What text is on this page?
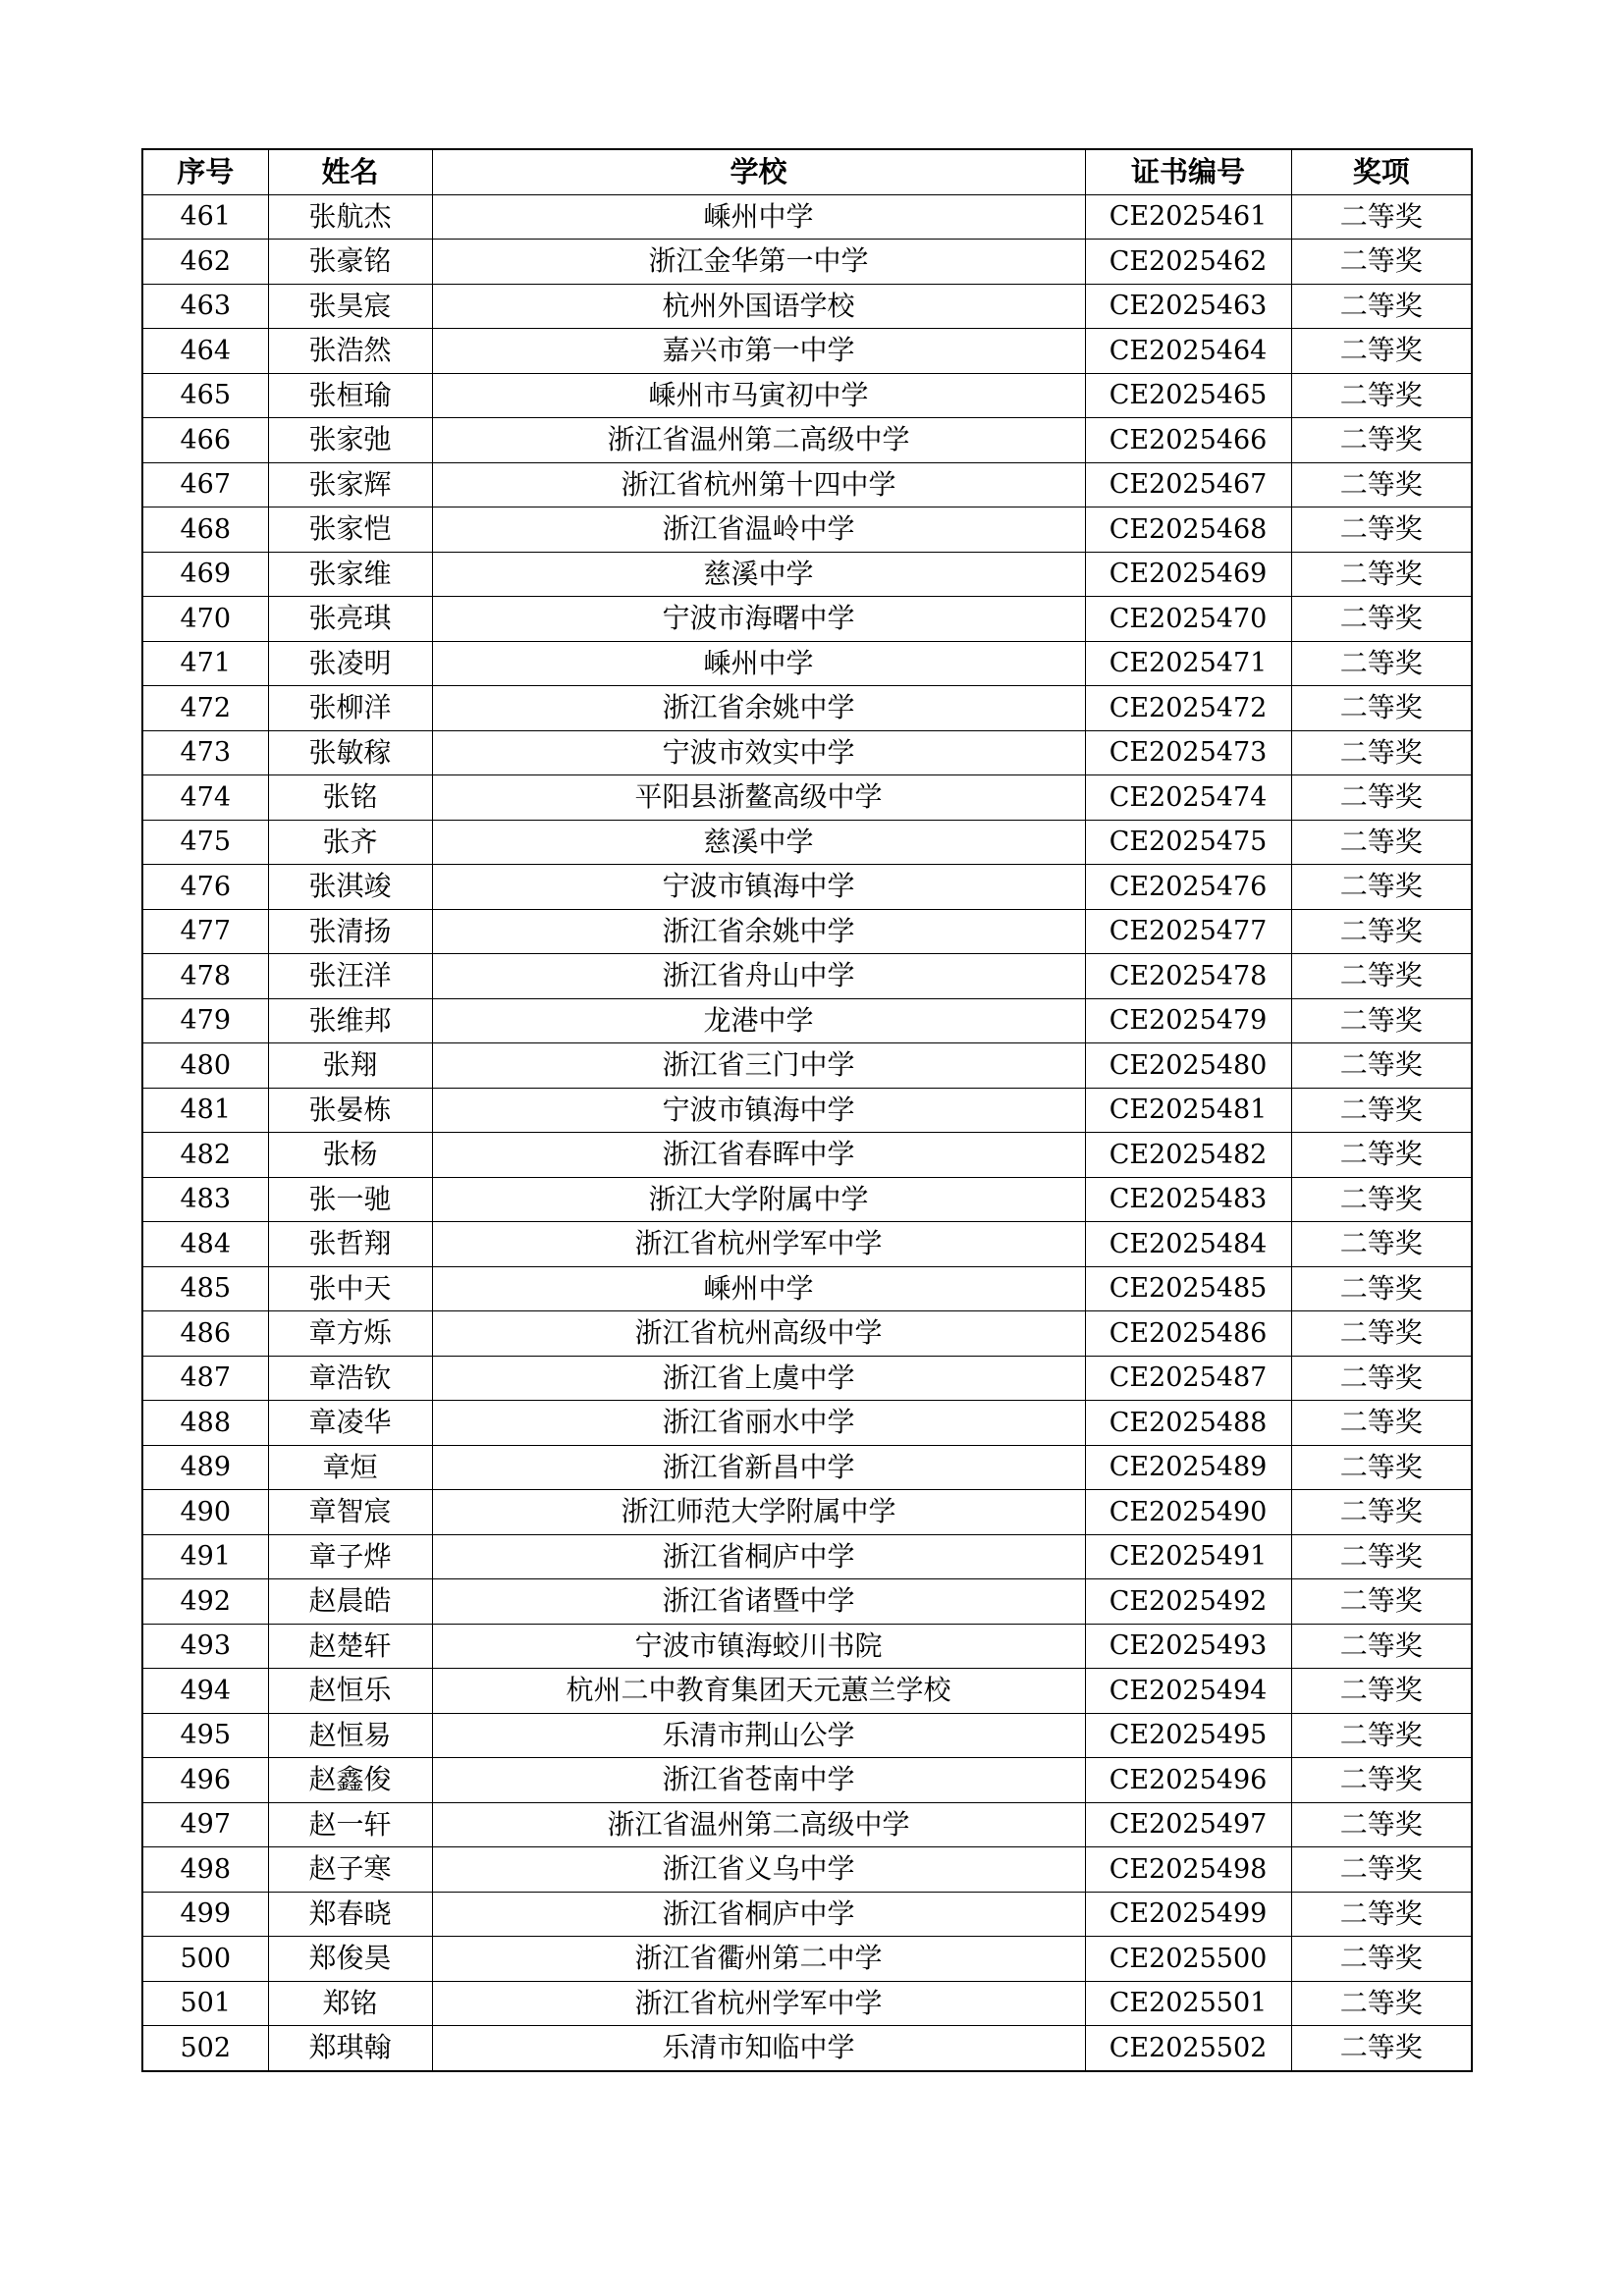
序号	姓名	学校	证书编号	奖项
461	张航杰	嵊州中学	CE2025461	二等奖
462	张豪铭	浙江金华第一中学	CE2025462	二等奖
463	张昊宸	杭州外国语学校	CE2025463	二等奖
464	张浩然	嘉兴市第一中学	CE2025464	二等奖
465	张桓瑜	嵊州市马寅初中学	CE2025465	二等奖
466	张家弛	浙江省温州第二高级中学	CE2025466	二等奖
467	张家辉	浙江省杭州第十四中学	CE2025467	二等奖
468	张家恺	浙江省温岭中学	CE2025468	二等奖
469	张家维	慈溪中学	CE2025469	二等奖
470	张亮琪	宁波市海曙中学	CE2025470	二等奖
471	张凌明	嵊州中学	CE2025471	二等奖
472	张柳洋	浙江省余姚中学	CE2025472	二等奖
473	张敏稼	宁波市效实中学	CE2025473	二等奖
474	张铭	平阳县浙鳌高级中学	CE2025474	二等奖
475	张齐	慈溪中学	CE2025475	二等奖
476	张淇竣	宁波市镇海中学	CE2025476	二等奖
477	张清扬	浙江省余姚中学	CE2025477	二等奖
478	张汪洋	浙江省舟山中学	CE2025478	二等奖
479	张维邦	龙港中学	CE2025479	二等奖
480	张翔	浙江省三门中学	CE2025480	二等奖
481	张晏栋	宁波市镇海中学	CE2025481	二等奖
482	张杨	浙江省春晖中学	CE2025482	二等奖
483	张一驰	浙江大学附属中学	CE2025483	二等奖
484	张哲翔	浙江省杭州学军中学	CE2025484	二等奖
485	张中天	嵊州中学	CE2025485	二等奖
486	章方烁	浙江省杭州高级中学	CE2025486	二等奖
487	章浩钦	浙江省上虞中学	CE2025487	二等奖
488	章凌华	浙江省丽水中学	CE2025488	二等奖
489	章烜	浙江省新昌中学	CE2025489	二等奖
490	章智宸	浙江师范大学附属中学	CE2025490	二等奖
491	章子烨	浙江省桐庐中学	CE2025491	二等奖
492	赵晨皓	浙江省诸暨中学	CE2025492	二等奖
493	赵楚轩	宁波市镇海蛟川书院	CE2025493	二等奖
494	赵恒乐	杭州二中教育集团天元蕙兰学校	CE2025494	二等奖
495	赵恒易	乐清市荆山公学	CE2025495	二等奖
496	赵鑫俊	浙江省苍南中学	CE2025496	二等奖
497	赵一轩	浙江省温州第二高级中学	CE2025497	二等奖
498	赵子寒	浙江省义乌中学	CE2025498	二等奖
499	郑春晓	浙江省桐庐中学	CE2025499	二等奖
500	郑俊昊	浙江省衢州第二中学	CE2025500	二等奖
501	郑铭	浙江省杭州学军中学	CE2025501	二等奖
502	郑琪翰	乐清市知临中学	CE2025502	二等奖
